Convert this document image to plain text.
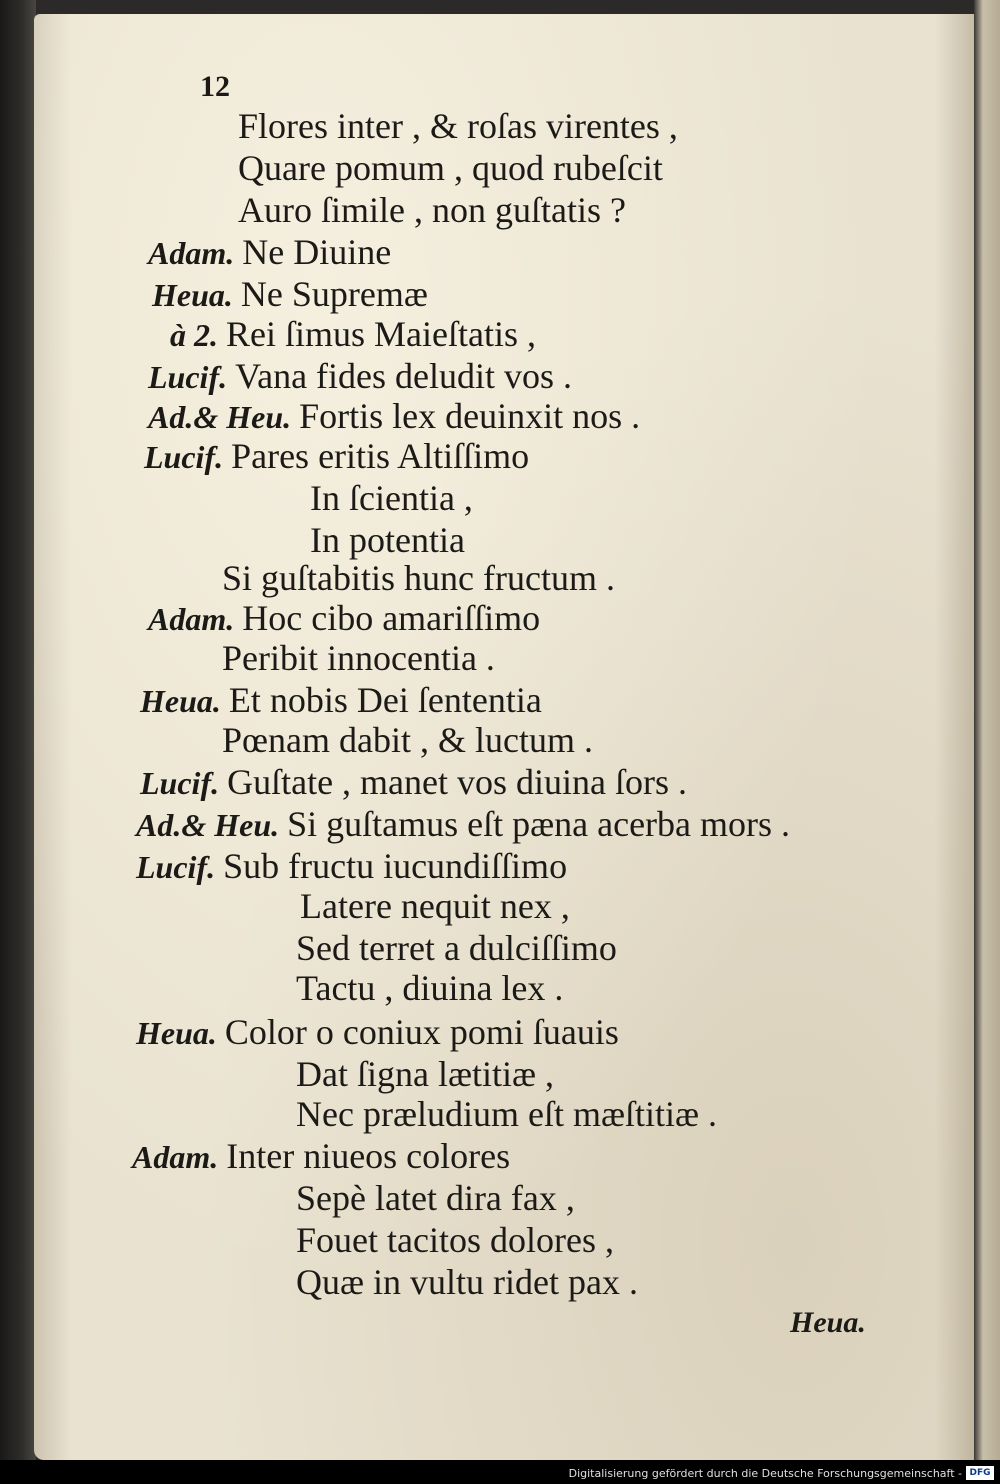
12
Flores inter , & roſas virentes ,
Quare pomum , quod rubeſcit
Auro ſimile , non guſtatis ?
Adam. Ne Diuine
Heua. Ne Supremæ
à 2. Rei ſimus Maieſtatis ,
Lucif. Vana fides deludit vos .
Ad.& Heu. Fortis lex deuinxit nos .
Lucif. Pares eritis Altiſſimo
In ſcientia ,
In potentia
Si guſtabitis hunc fructum .
Adam. Hoc cibo amariſſimo
Peribit innocentia .
Heua. Et nobis Dei ſententia
Pœnam dabit , & luctum .
Lucif. Guſtate , manet vos diuina ſors .
Ad.& Heu. Si guſtamus eſt pæna acerba mors .
Lucif. Sub fructu iucundiſſimo
Latere nequit nex ,
Sed terret a dulciſſimo
Tactu , diuina lex .
Heua. Color o coniux pomi ſuauis
Dat ſigna lætitiæ ,
Nec præludium eſt mæſtitiæ .
Adam. Inter niueos colores
Sepè latet dira fax ,
Fouet tacitos dolores ,
Quæ in vultu ridet pax .
Heua.
Digitalisierung gefördert durch die Deutsche Forschungsgemeinschaft - DFG
